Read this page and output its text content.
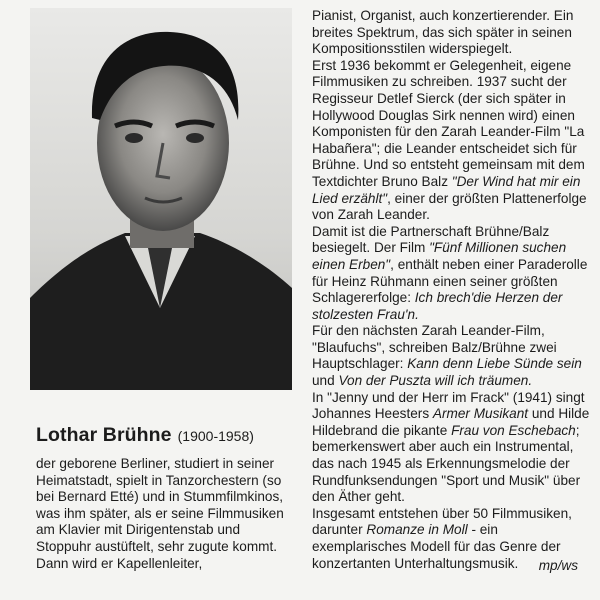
Lothar Brühne (1900-1958)

der geborene Berliner, studiert in seiner Heimatstadt, spielt in Tanzorchestern (so bei Bernard Etté) und in Stummfilmkinos, was ihm später, als er seine Filmmusiken am Klavier mit Dirigentenstab und Stoppuhr austüftelt, sehr zugute kommt. Dann wird er Kapellenleiter,

Pianist, Organist, auch konzertierender. Ein breites Spektrum, das sich später in seinen Kompositionsstilen widerspiegelt.

Erst 1936 bekommt er Gelegenheit, eigene Filmmusiken zu schreiben. 1937 sucht der Regisseur Detlef Sierck (der sich später in Hollywood Douglas Sirk nennen wird) einen Komponisten für den Zarah Leander-Film "La Habañera"; die Leander entscheidet sich für Brühne. Und so entsteht gemeinsam mit dem Textdichter Bruno Balz "Der Wind hat mir ein Lied erzählt", einer der größten Plattenerfolge von Zarah Leander.

Damit ist die Partnerschaft Brühne/Balz besiegelt. Der Film "Fünf Millionen suchen einen Erben", enthält neben einer Paraderolle für Heinz Rühmann einen seiner größten Schlagererfolge: Ich brech'die Herzen der stolzesten Frau'n.

Für den nächsten Zarah Leander-Film, "Blaufuchs", schreiben Balz/Brühne zwei Hauptschlager: Kann denn Liebe Sünde sein und Von der Puszta will ich träumen.

In "Jenny und der Herr im Frack" (1941) singt Johannes Heesters Armer Musikant und Hilde Hildebrand die pikante Frau von Eschebach; bemerkenswert aber auch ein Instrumental, das nach 1945 als Erkennungsmelodie der Rundfunksendungen "Sport und Musik" über den Äther geht.

Insgesamt entstehen über 50 Filmmusiken, darunter Romanze in Moll - ein exemplarisches Modell für das Genre der konzertanten Unterhaltungsmusik.	mp/ws
